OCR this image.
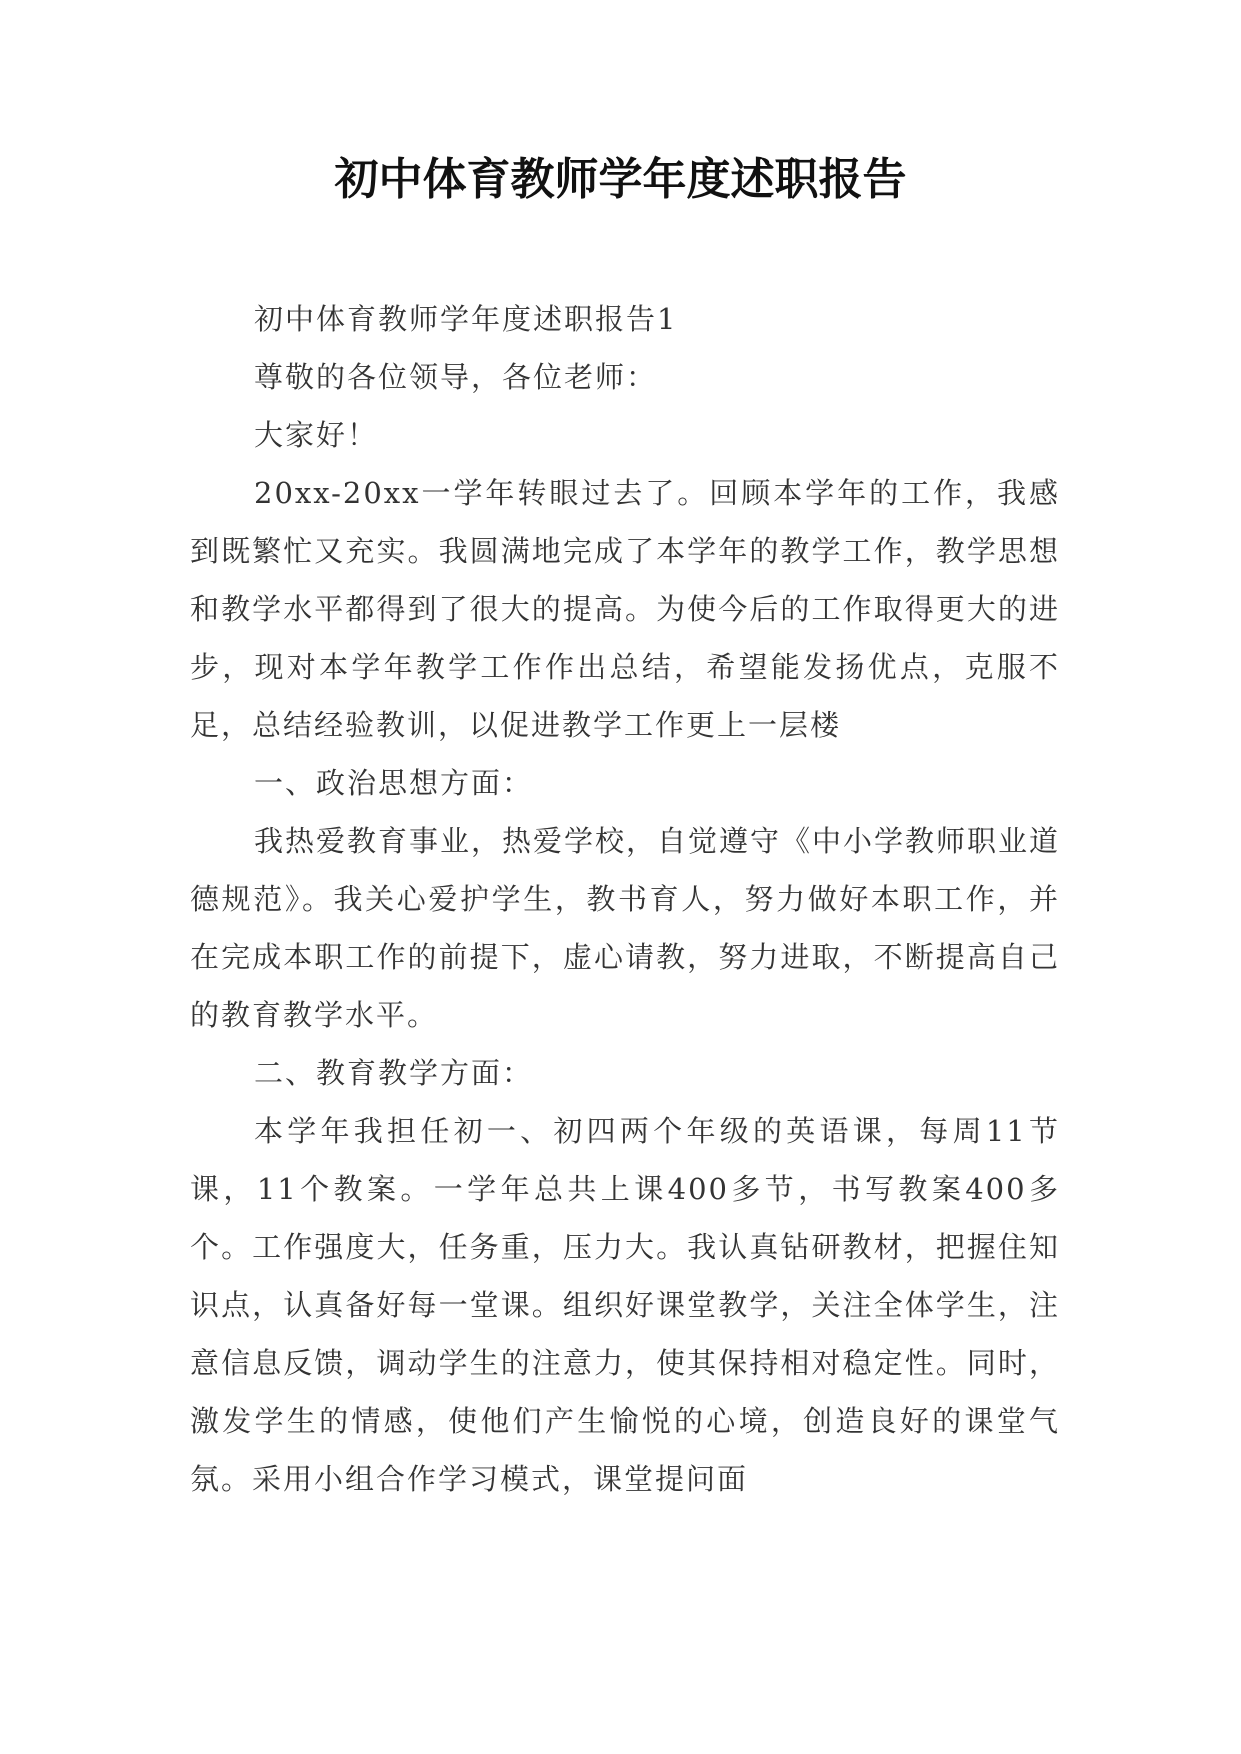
初中体育教师学年度述职报告

初中体育教师学年度述职报告1

尊敬的各位领导，各位老师：

大家好！

20xx-20xx一学年转眼过去了。回顾本学年的工作，我感到既繁忙又充实。我圆满地完成了本学年的教学工作，教学思想和教学水平都得到了很大的提高。为使今后的工作取得更大的进步，现对本学年教学工作作出总结，希望能发扬优点，克服不足，总结经验教训，以促进教学工作更上一层楼

一、政治思想方面：

我热爱教育事业，热爱学校，自觉遵守《中小学教师职业道德规范》。我关心爱护学生，教书育人，努力做好本职工作，并在完成本职工作的前提下，虚心请教，努力进取，不断提高自己的教育教学水平。

二、教育教学方面：

本学年我担任初一、初四两个年级的英语课，每周11节课，11个教案。一学年总共上课400多节，书写教案400多个。工作强度大，任务重，压力大。我认真钻研教材，把握住知识点，认真备好每一堂课。组织好课堂教学，关注全体学生，注意信息反馈，调动学生的注意力，使其保持相对稳定性。同时，激发学生的情感，使他们产生愉悦的心境，创造良好的课堂气氛。采用小组合作学习模式，课堂提问面
